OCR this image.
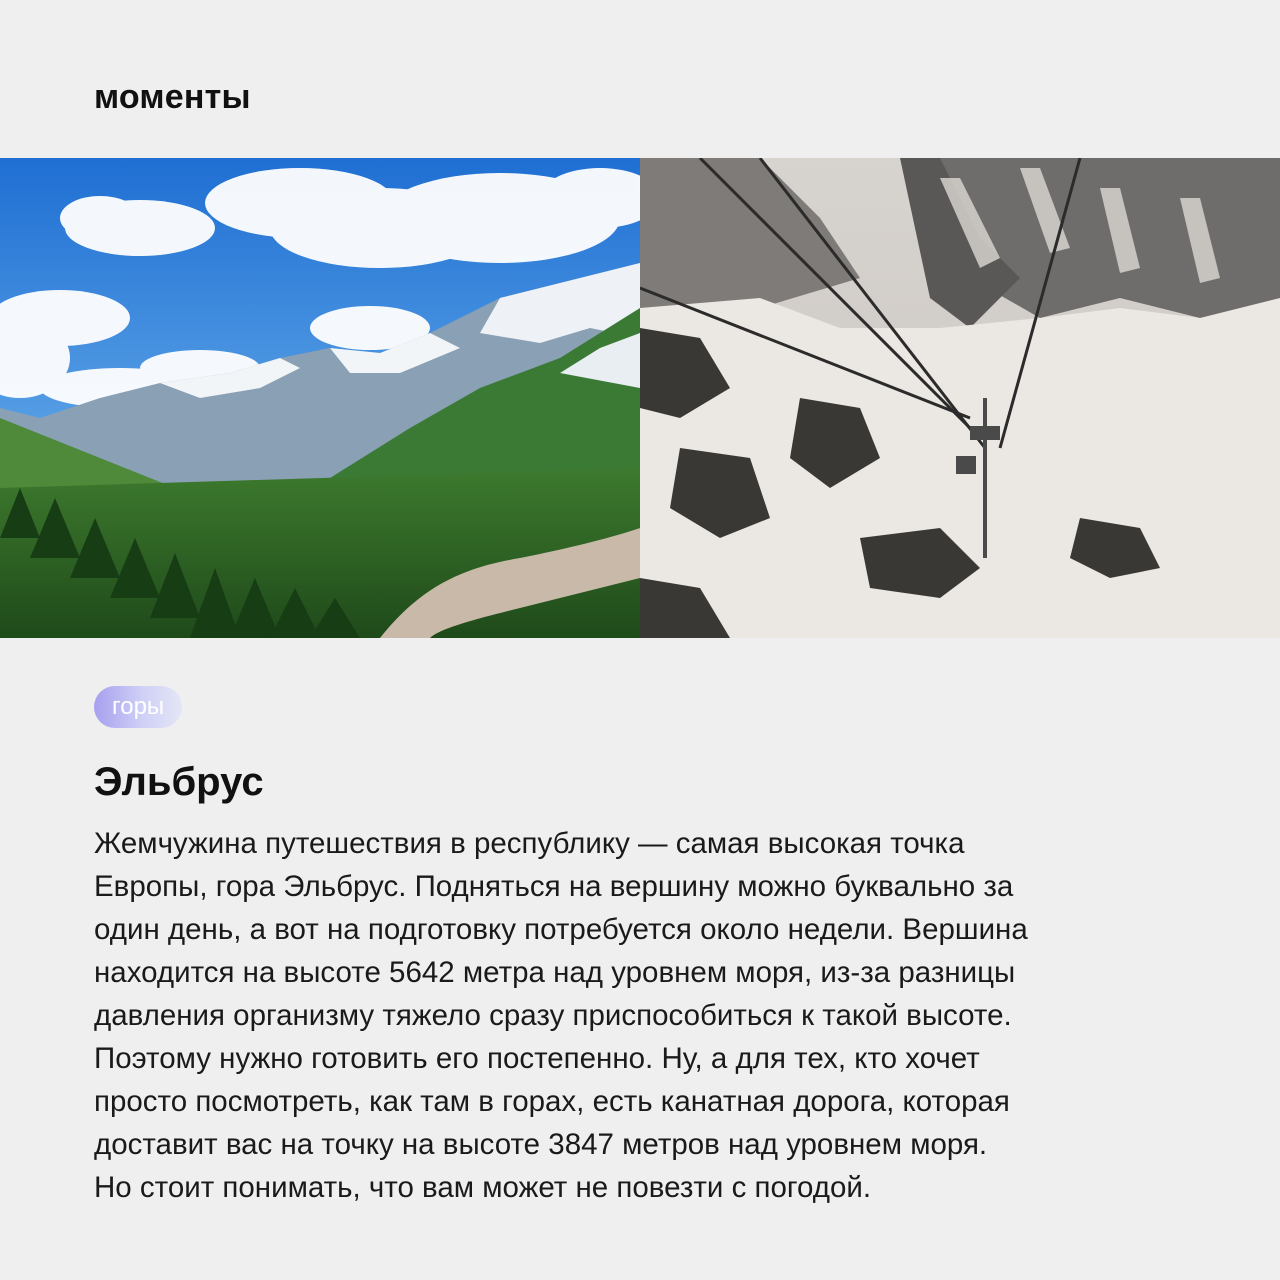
моменты
горы
Эльбрус

Жемчужина путешествия в республику — самая высокая точка
Европы, гора Эльбрус. Подняться на вершину можно буквально за
один день, а вот на подготовку потребуется около недели. Вершина
находится на высоте 5642 метра над уровнем моря, из-за разницы
давления организму тяжело сразу приспособиться к такой высоте.
Поэтому нужно готовить его постепенно. Ну, а для тех, кто хочет
просто посмотреть, как там в горах, есть канатная дорога, которая
доставит вас на точку на высоте 3847 метров над уровнем моря.
Но стоит понимать, что вам может не повезти с погодой.
